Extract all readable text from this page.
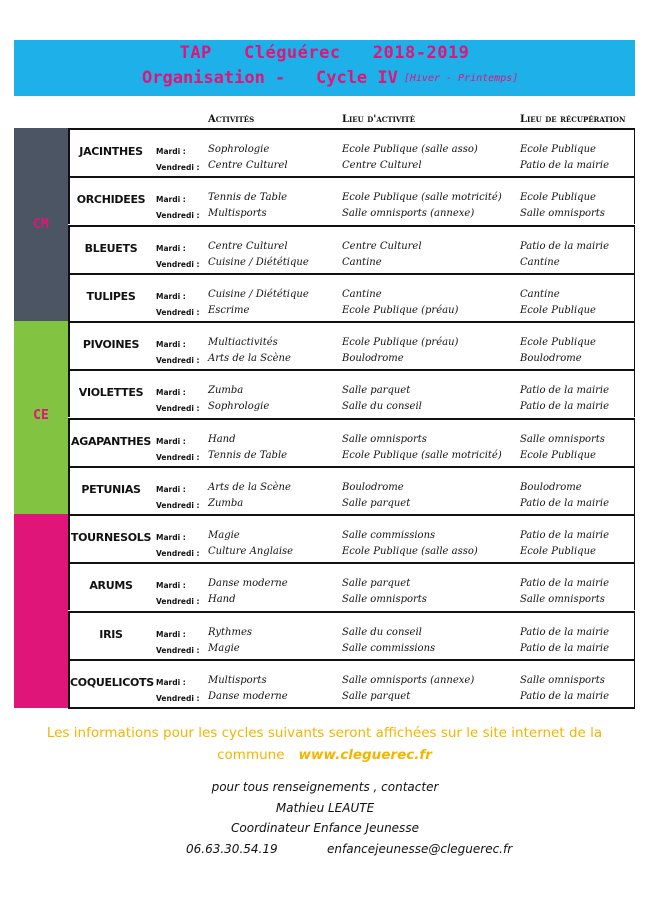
TAP   Cléguérec   2018-2019
Organisation -   Cycle IV [Hiver - Printemps]
Activités	Lieu d'activité	Lieu de récupération
CM
CE
GS
-
CP
JACINTHES	Mardi : Sophrologie	Ecole Publique (salle asso)	Ecole Publique
Vendredi : Centre Culturel	Centre Culturel	Patio de la mairie
ORCHIDEES	Mardi : Tennis de Table	Ecole Publique (salle motricité) Ecole Publique
Vendredi : Multisports	Salle omnisports (annexe)	Salle omnisports
BLEUETS	Mardi : Centre Culturel	Centre Culturel	Patio de la mairie
Vendredi : Cuisine / Diététique	Cantine	Cantine
TULIPES	Mardi : Cuisine / Diététique	Cantine	Cantine
Vendredi : Escrime	Ecole Publique (préau)	Ecole Publique
PIVOINES	Mardi : Multiactivités	Ecole Publique (préau)	Ecole Publique
Vendredi : Arts de la Scène	Boulodrome	Boulodrome
VIOLETTES	Mardi : Zumba	Salle parquet	Patio de la mairie
Vendredi : Sophrologie	Salle du conseil	Patio de la mairie
AGAPANTHES Mardi : Hand	Salle omnisports	Salle omnisports
Vendredi : Tennis de Table	Ecole Publique (salle motricité) Ecole Publique
PETUNIAS	Mardi : Arts de la Scène	Boulodrome	Boulodrome
Vendredi : Zumba	Salle parquet	Patio de la mairie
TOURNESOLS Mardi : Magie	Salle commissions	Patio de la mairie
Vendredi : Culture Anglaise	Ecole Publique (salle asso)	Ecole Publique
ARUMS	Mardi : Danse moderne	Salle parquet	Patio de la mairie
Vendredi : Hand	Salle omnisports	Salle omnisports
IRIS	Mardi : Rythmes	Salle du conseil	Patio de la mairie
Vendredi : Magie	Salle commissions	Patio de la mairie
COQUELICOTS Mardi : Multisports	Salle omnisports (annexe)	Salle omnisports
Vendredi : Danse moderne	Salle parquet	Patio de la mairie
Les informations pour les cycles suivants seront affichées sur le site internet de la commune www.cleguerec.fr
pour tous renseignements , contacter
Mathieu LEAUTE
Coordinateur Enfance Jeunesse
06.63.30.54.19	enfancejeunesse@cleguerec.fr
